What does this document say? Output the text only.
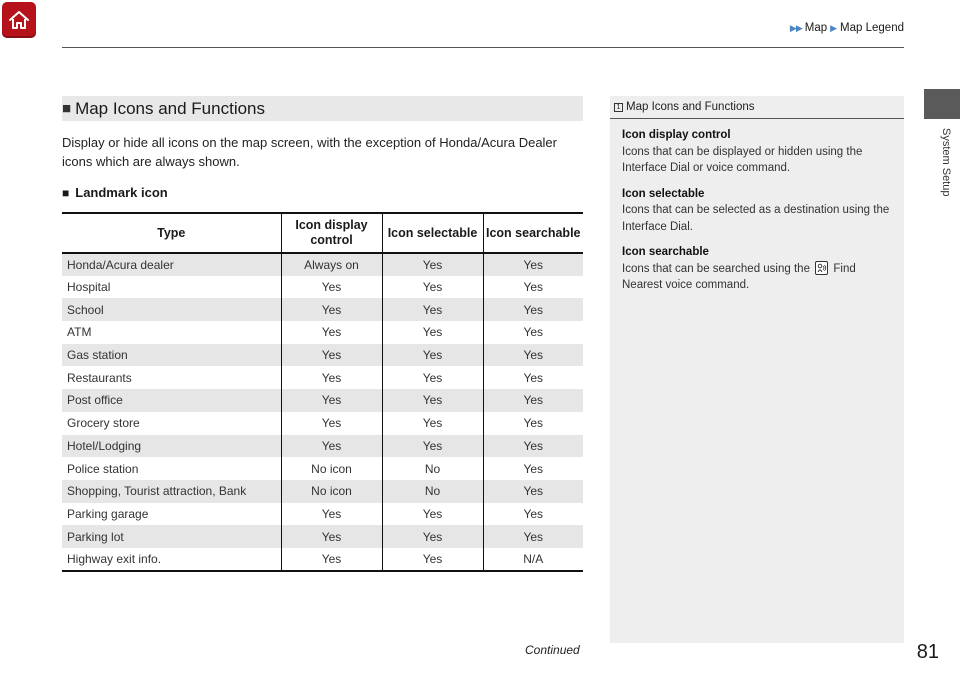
▶▶ Map ▶ Map Legend
System Setup
■ Map Icons and Functions

Display or hide all icons on the map screen, with the exception of Honda/Acura Dealer icons which are always shown.

■ Landmark icon
Type	Icon display control	Icon selectable	Icon searchable
Honda/Acura dealer	Always on	Yes	Yes
Hospital	Yes	Yes	Yes
School	Yes	Yes	Yes
ATM	Yes	Yes	Yes
Gas station	Yes	Yes	Yes
Restaurants	Yes	Yes	Yes
Post office	Yes	Yes	Yes
Grocery store	Yes	Yes	Yes
Hotel/Lodging	Yes	Yes	Yes
Police station	No icon	No	Yes
Shopping, Tourist attraction, Bank	No icon	No	Yes
Parking garage	Yes	Yes	Yes
Parking lot	Yes	Yes	Yes
Highway exit info.	Yes	Yes	N/A
1 Map Icons and Functions
Icon display control
Icons that can be displayed or hidden using the Interface Dial or voice command.
Icon selectable
Icons that can be selected as a destination using the Interface Dial.
Icon searchable
Icons that can be searched using the Find Nearest voice command.
Continued	81
